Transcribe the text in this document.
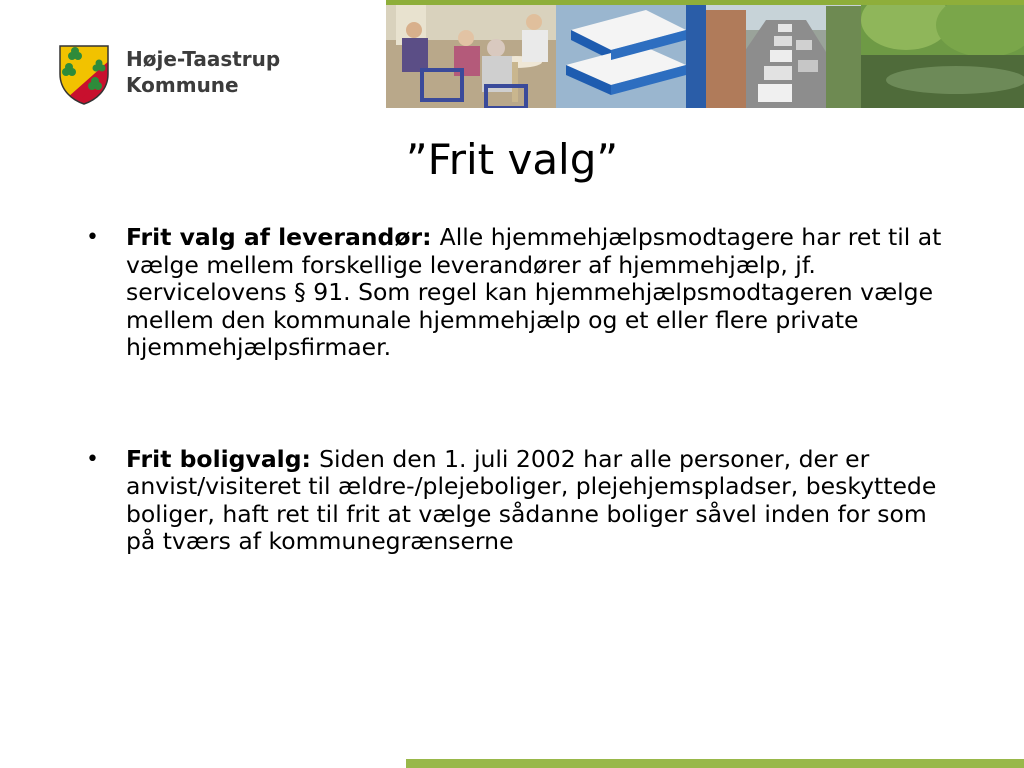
Høje-Taastrup
Kommune
”Frit valg”
• Frit valg af leverandør: Alle hjemmehjælpsmodtagere har ret til at vælge mellem forskellige leverandører af hjemmehjælp, jf. servicelovens § 91. Som regel kan hjemmehjælpsmodtageren vælge mellem den kommunale hjemmehjælp og et eller flere private hjemmehjælpsfirmaer.
• Frit boligvalg: Siden den 1. juli 2002 har alle personer, der er anvist/visiteret til ældre-/plejeboliger, plejehjemspladser, beskyttede boliger, haft ret til frit at vælge sådanne boliger såvel inden for som på tværs af kommunegrænserne
